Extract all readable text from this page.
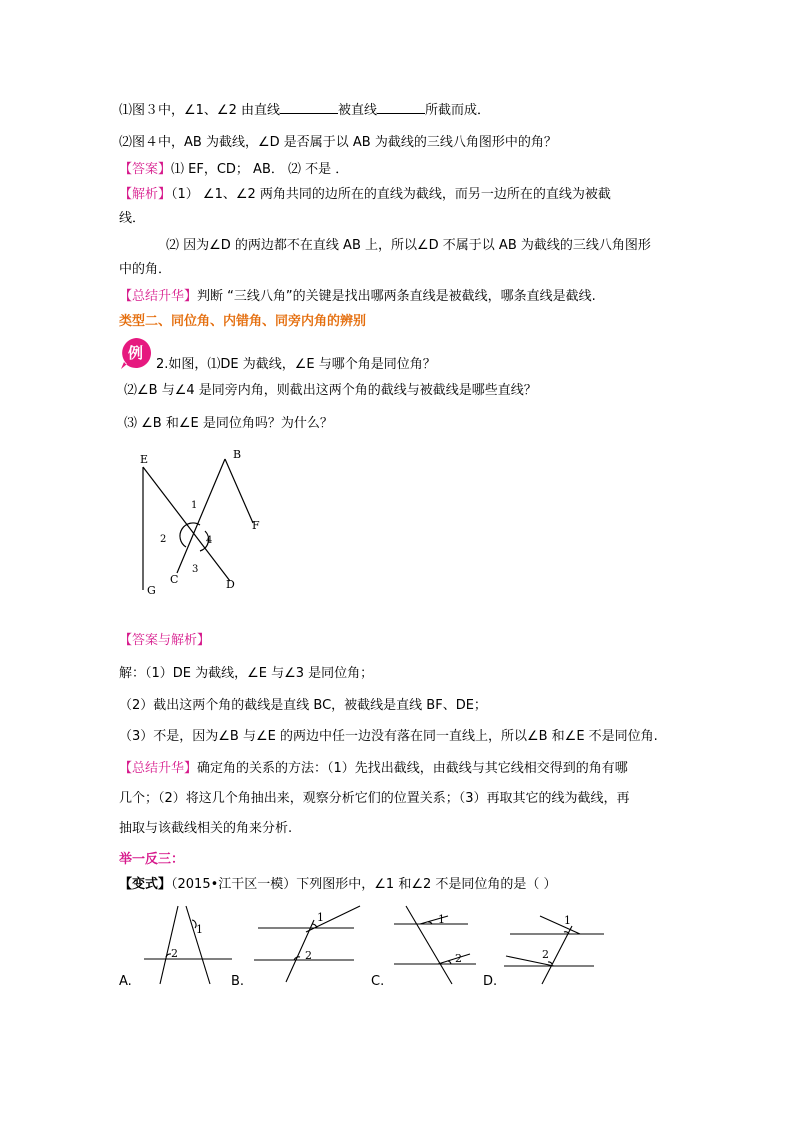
⑴图３中，∠1、∠2 由直线	被直线	所截而成．
⑵图４中，AB 为截线，∠D 是否属于以 AB 为截线的三线八角图形中的角？
【答案】⑴ EF，CD； AB． ⑵ 不是 ．
【解析】（1） ∠1、∠2 两角共同的边所在的直线为截线，而另一边所在的直线为被截
线．
⑵ 因为∠D 的两边都不在直线 AB 上，所以∠D 不属于以 AB 为截线的三线八角图形
中的角．
【总结升华】判断 “三线八角”的关键是找出哪两条直线是被截线，哪条直线是截线.
类型二、同位角、内错角、同旁内角的辨别
例
2.如图，⑴DE 为截线，∠E 与哪个角是同位角？
⑵∠B 与∠4 是同旁内角，则截出这两个角的截线与被截线是哪些直线？
⑶ ∠B 和∠E 是同位角吗？为什么？
E	B
F
G
C	D
1
2
3
4
【答案与解析】
解：（1）DE 为截线，∠E 与∠3 是同位角；
（2）截出这两个角的截线是直线 BC，被截线是直线 BF、DE；
（3）不是，因为∠B 与∠E 的两边中任一边没有落在同一直线上，所以∠B 和∠E 不是同位角.
【总结升华】确定角的关系的方法：（1）先找出截线，由截线与其它线相交得到的角有哪
几个；（2）将这几个角抽出来，观察分析它们的位置关系；（3）再取其它的线为截线，再
抽取与该截线相关的角来分析.
举一反三：
【变式】（2015•江干区一模）下列图形中，∠1 和∠2 不是同位角的是（ ）
1
2
1
2
1
2
1
2
A.	B.	C.	D.
